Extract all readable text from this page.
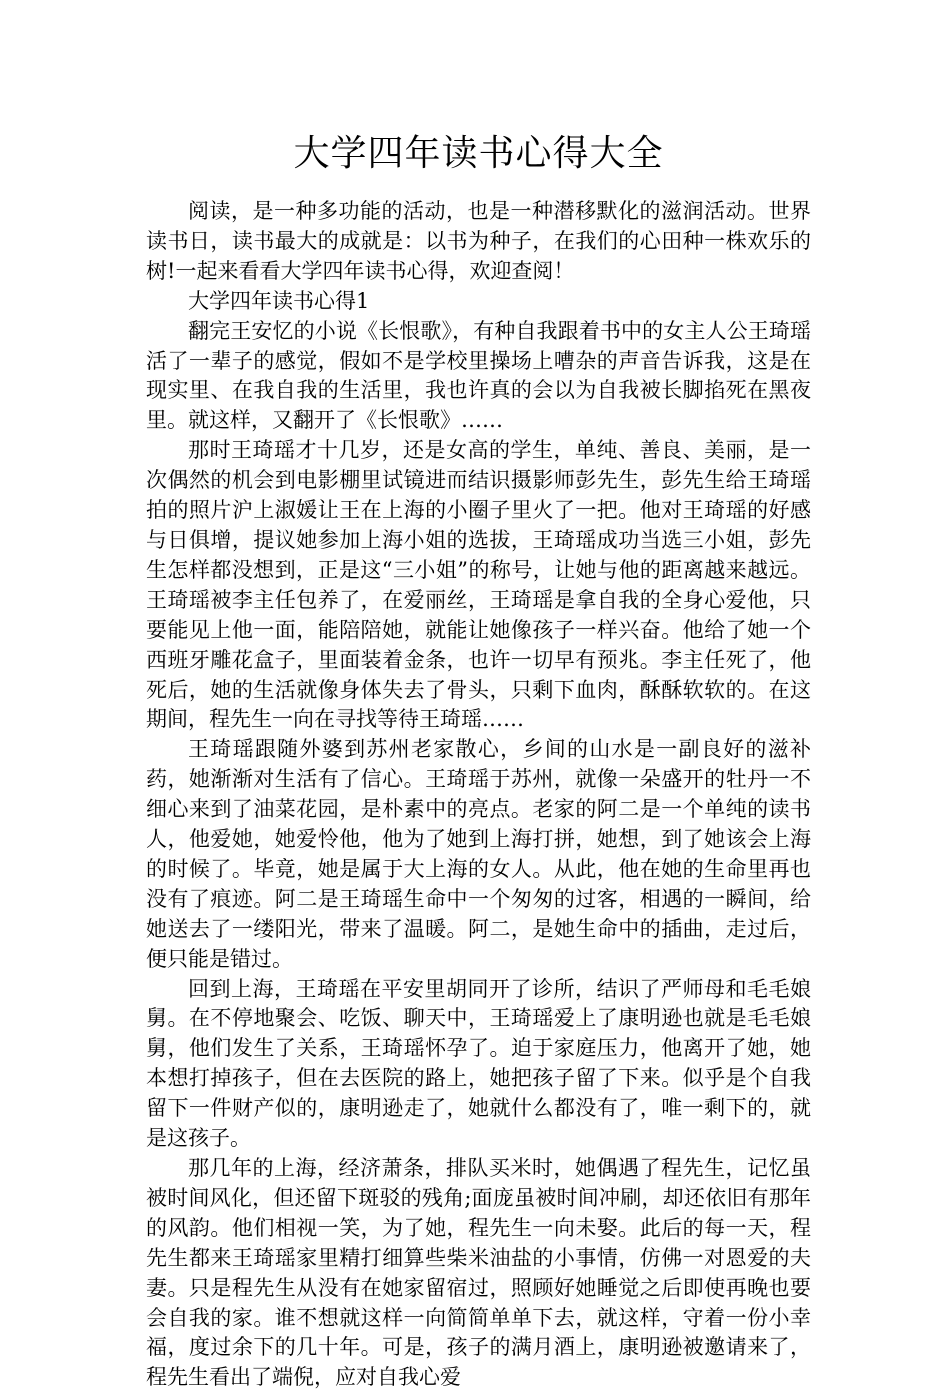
大学四年读书心得大全

阅读，是一种多功能的活动，也是一种潜移默化的滋润活动。世界读书日，读书最大的成就是：以书为种子，在我们的心田种一株欢乐的树!一起来看看大学四年读书心得，欢迎查阅！

大学四年读书心得1

翻完王安忆的小说《长恨歌》，有种自我跟着书中的女主人公王琦瑶活了一辈子的感觉，假如不是学校里操场上嘈杂的声音告诉我，这是在现实里、在我自我的生活里，我也许真的会以为自我被长脚掐死在黑夜里。就这样，又翻开了《长恨歌》……

那时王琦瑶才十几岁，还是女高的学生，单纯、善良、美丽，是一次偶然的机会到电影棚里试镜进而结识摄影师彭先生，彭先生给王琦瑶拍的照片沪上淑媛让王在上海的小圈子里火了一把。他对王琦瑶的好感与日俱增，提议她参加上海小姐的选拔，王琦瑶成功当选三小姐，彭先生怎样都没想到，正是这“三小姐”的称号，让她与他的距离越来越远。王琦瑶被李主任包养了，在爱丽丝，王琦瑶是拿自我的全身心爱他，只要能见上他一面，能陪陪她，就能让她像孩子一样兴奋。他给了她一个西班牙雕花盒子，里面装着金条，也许一切早有预兆。李主任死了，他死后，她的生活就像身体失去了骨头，只剩下血肉，酥酥软软的。在这期间，程先生一向在寻找等待王琦瑶……

王琦瑶跟随外婆到苏州老家散心，乡间的山水是一副良好的滋补药，她渐渐对生活有了信心。王琦瑶于苏州，就像一朵盛开的牡丹一不细心来到了油菜花园，是朴素中的亮点。老家的阿二是一个单纯的读书人，他爱她，她爱怜他，他为了她到上海打拼，她想，到了她该会上海的时候了。毕竟，她是属于大上海的女人。从此，他在她的生命里再也没有了痕迹。阿二是王琦瑶生命中一个匆匆的过客，相遇的一瞬间，给她送去了一缕阳光，带来了温暖。阿二，是她生命中的插曲，走过后，便只能是错过。

回到上海，王琦瑶在平安里胡同开了诊所，结识了严师母和毛毛娘舅。在不停地聚会、吃饭、聊天中，王琦瑶爱上了康明逊也就是毛毛娘舅，他们发生了关系，王琦瑶怀孕了。迫于家庭压力，他离开了她，她本想打掉孩子，但在去医院的路上，她把孩子留了下来。似乎是个自我留下一件财产似的，康明逊走了，她就什么都没有了，唯一剩下的，就是这孩子。

那几年的上海，经济萧条，排队买米时，她偶遇了程先生，记忆虽被时间风化，但还留下斑驳的残角;面庞虽被时间冲刷，却还依旧有那年的风韵。他们相视一笑，为了她，程先生一向未娶。此后的每一天，程先生都来王琦瑶家里精打细算些柴米油盐的小事情，仿佛一对恩爱的夫妻。只是程先生从没有在她家留宿过，照顾好她睡觉之后即使再晚也要会自我的家。谁不想就这样一向简简单单下去，就这样，守着一份小幸福，度过余下的几十年。可是，孩子的满月酒上，康明逊被邀请来了，程先生看出了端倪，应对自我心爱
